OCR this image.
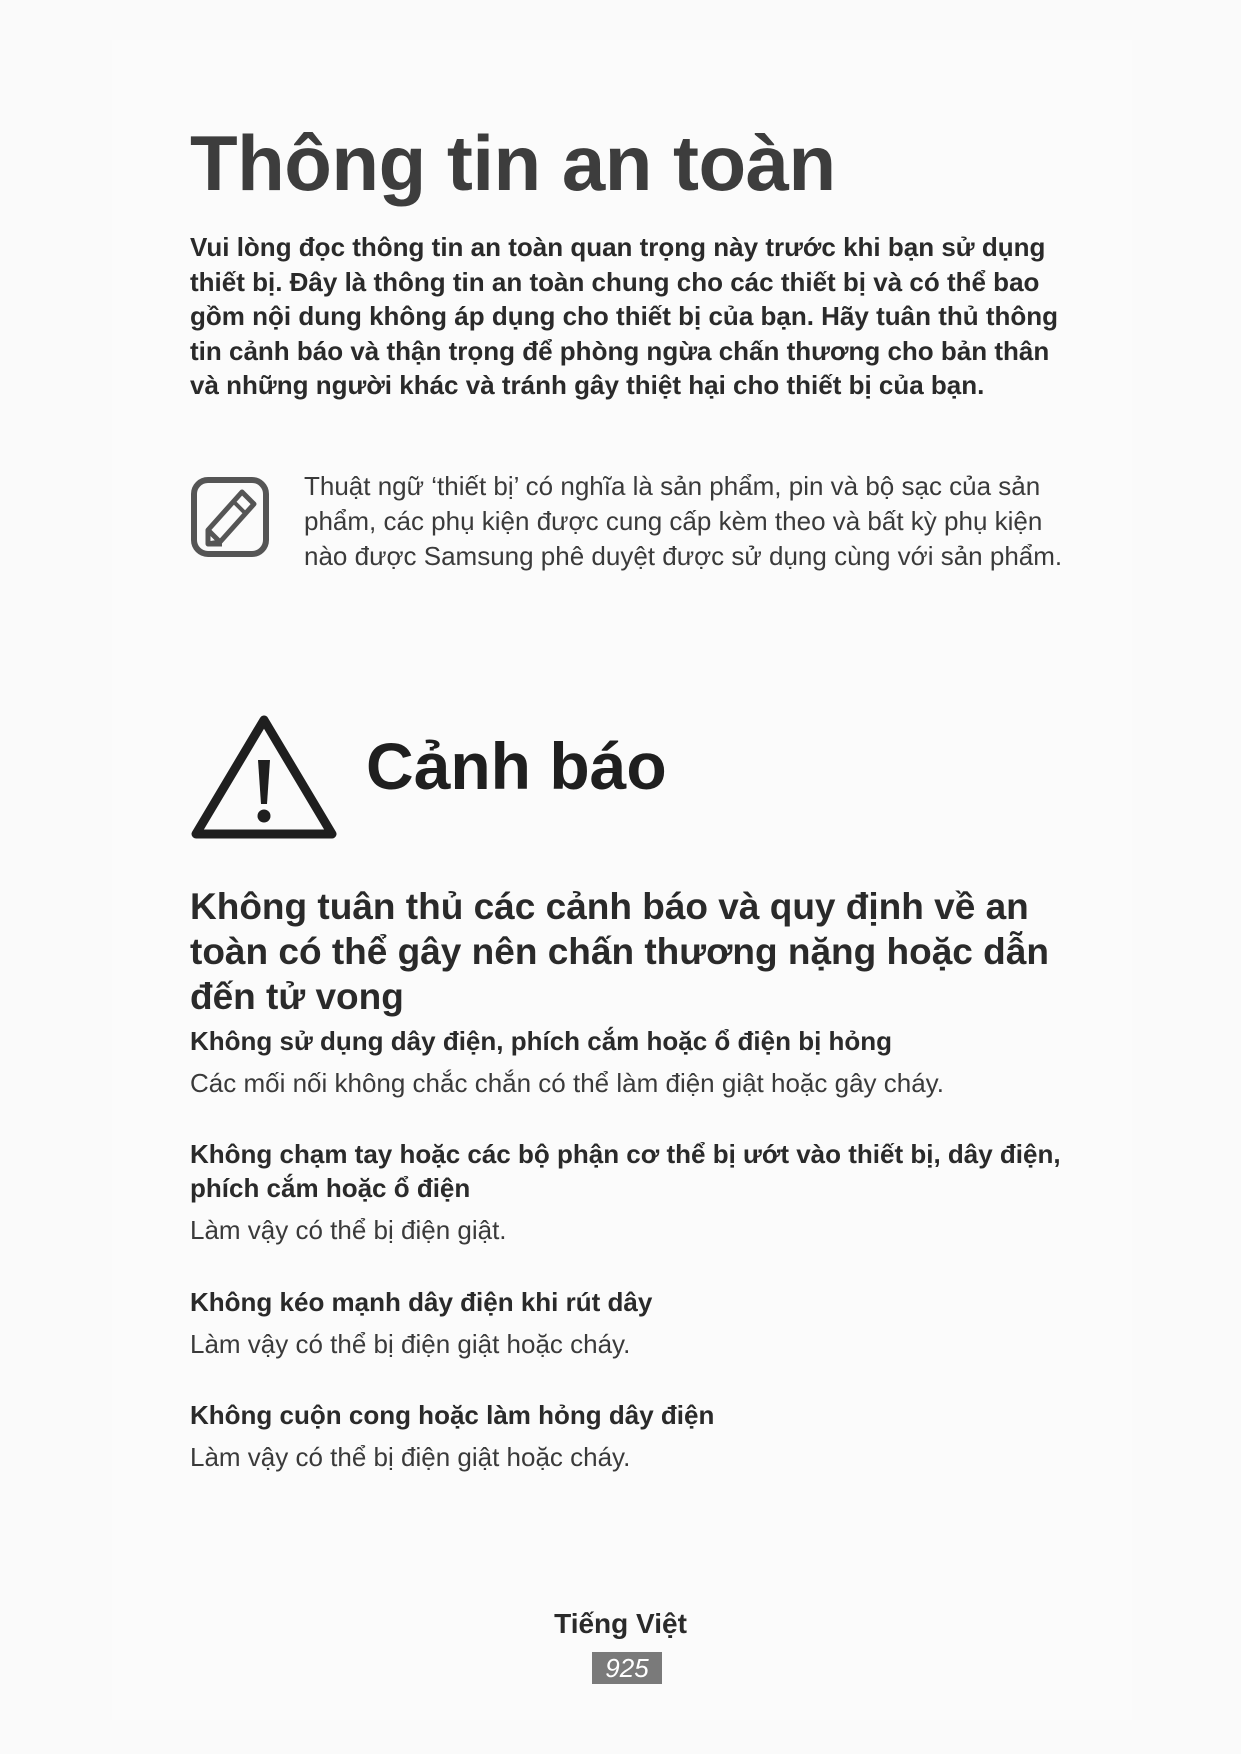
Thông tin an toàn

Vui lòng đọc thông tin an toàn quan trọng này trước khi bạn sử dụng thiết bị. Đây là thông tin an toàn chung cho các thiết bị và có thể bao gồm nội dung không áp dụng cho thiết bị của bạn. Hãy tuân thủ thông tin cảnh báo và thận trọng để phòng ngừa chấn thương cho bản thân và những người khác và tránh gây thiệt hại cho thiết bị của bạn.

Thuật ngữ ‘thiết bị’ có nghĩa là sản phẩm, pin và bộ sạc của sản phẩm, các phụ kiện được cung cấp kèm theo và bất kỳ phụ kiện nào được Samsung phê duyệt được sử dụng cùng với sản phẩm.

Cảnh báo
Không tuân thủ các cảnh báo và quy định về an toàn có thể gây nên chấn thương nặng hoặc dẫn đến tử vong

Không sử dụng dây điện, phích cắm hoặc ổ điện bị hỏng

Các mối nối không chắc chắn có thể làm điện giật hoặc gây cháy.

Không chạm tay hoặc các bộ phận cơ thể bị ướt vào thiết bị, dây điện, phích cắm hoặc ổ điện

Làm vậy có thể bị điện giật.

Không kéo mạnh dây điện khi rút dây

Làm vậy có thể bị điện giật hoặc cháy.

Không cuộn cong hoặc làm hỏng dây điện

Làm vậy có thể bị điện giật hoặc cháy.

Tiếng Việt

925
